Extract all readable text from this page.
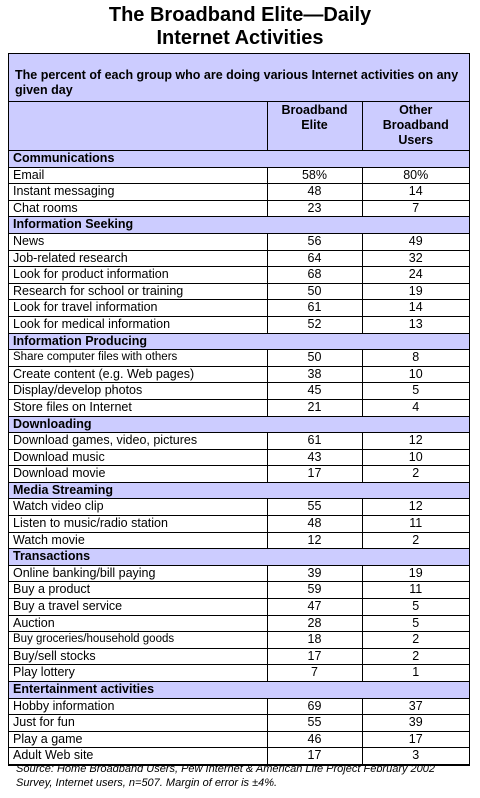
The Broadband Elite—Daily
Internet Activities
The percent of each group who are doing various Internet activities on any given day

	Broadband Elite	Other Broadband Users

Communications		
Email	58%	80%
Instant messaging	48	14
Chat rooms	23	7
Information Seeking		
News	56	49
Job-related research	64	32
Look for product information	68	24
Research for school or training	50	19
Look for travel information	61	14
Look for medical information	52	13
Information Producing		
Share computer files with others	50	8
Create content (e.g. Web pages)	38	10
Display/develop photos	45	5
Store files on Internet	21	4
Downloading		
Download games, video, pictures	61	12
Download music	43	10
Download movie	17	2
Media Streaming		
Watch video clip	55	12
Listen to music/radio station	48	11
Watch movie	12	2
Transactions		
Online banking/bill paying	39	19
Buy a product	59	11
Buy a travel service	47	5
Auction	28	5
Buy groceries/household goods	18	2
Buy/sell stocks	17	2
Play lottery	7	1
Entertainment activities		
Hobby information	69	37
Just for fun	55	39
Play a game	46	17
Adult Web site	17	3
Source: Home Broadband Users, Pew Internet & American Life Project February 2002 Survey, Internet users, n=507. Margin of error is ±4%.
